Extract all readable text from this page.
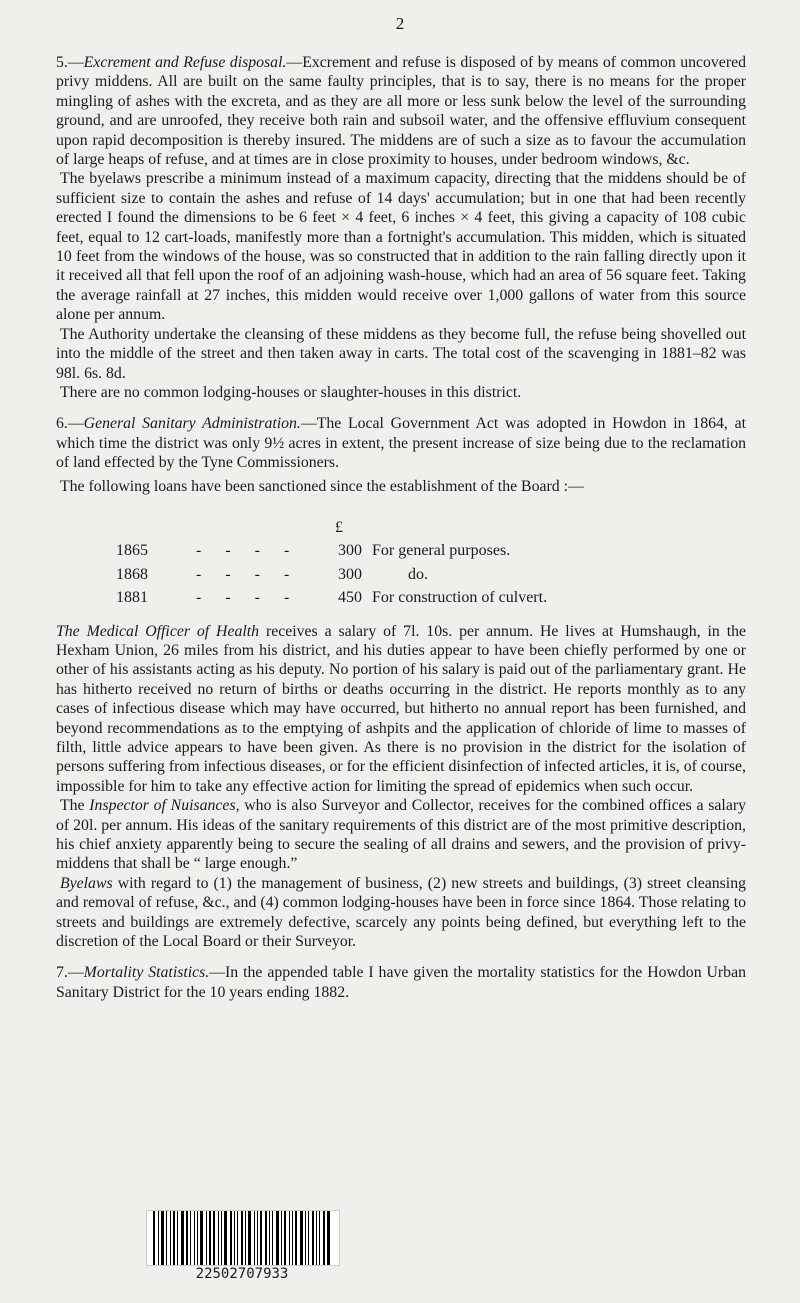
2

5.—Excrement and Refuse disposal.—Excrement and refuse is disposed of by means of common uncovered privy middens. All are built on the same faulty principles, that is to say, there is no means for the proper mingling of ashes with the excreta, and as they are all more or less sunk below the level of the surrounding ground, and are unroofed, they receive both rain and subsoil water, and the offensive effluvium consequent upon rapid decomposition is thereby insured. The middens are of such a size as to favour the accumulation of large heaps of refuse, and at times are in close proximity to houses, under bedroom windows, &c.

The byelaws prescribe a minimum instead of a maximum capacity, directing that the middens should be of sufficient size to contain the ashes and refuse of 14 days' accumulation; but in one that had been recently erected I found the dimensions to be 6 feet × 4 feet, 6 inches × 4 feet, this giving a capacity of 108 cubic feet, equal to 12 cart-loads, manifestly more than a fortnight's accumulation. This midden, which is situated 10 feet from the windows of the house, was so constructed that in addition to the rain falling directly upon it it received all that fell upon the roof of an adjoining wash-house, which had an area of 56 square feet. Taking the average rainfall at 27 inches, this midden would receive over 1,000 gallons of water from this source alone per annum.

The Authority undertake the cleansing of these middens as they become full, the refuse being shovelled out into the middle of the street and then taken away in carts. The total cost of the scavenging in 1881–82 was 98l. 6s. 8d.

There are no common lodging-houses or slaughter-houses in this district.

6.—General Sanitary Administration.—The Local Government Act was adopted in Howdon in 1864, at which time the district was only 9½ acres in extent, the present increase of size being due to the reclamation of land effected by the Tyne Commissioners.

The following loans have been sanctioned since the establishment of the Board :—

		£	
1865	- - - -	300	For general purposes.
1868	- - - -	300	do.
1881	- - - -	450	For construction of culvert.

The Medical Officer of Health receives a salary of 7l. 10s. per annum. He lives at Humshaugh, in the Hexham Union, 26 miles from his district, and his duties appear to have been chiefly performed by one or other of his assistants acting as his deputy. No portion of his salary is paid out of the parliamentary grant. He has hitherto received no return of births or deaths occurring in the district. He reports monthly as to any cases of infectious disease which may have occurred, but hitherto no annual report has been furnished, and beyond recommendations as to the emptying of ashpits and the application of chloride of lime to masses of filth, little advice appears to have been given. As there is no provision in the district for the isolation of persons suffering from infectious diseases, or for the efficient disinfection of infected articles, it is, of course, impossible for him to take any effective action for limiting the spread of epidemics when such occur.

The Inspector of Nuisances, who is also Surveyor and Collector, receives for the combined offices a salary of 20l. per annum. His ideas of the sanitary requirements of this district are of the most primitive description, his chief anxiety apparently being to secure the sealing of all drains and sewers, and the provision of privy-middens that shall be “ large enough.”

Byelaws with regard to (1) the management of business, (2) new streets and buildings, (3) street cleansing and removal of refuse, &c., and (4) common lodging-houses have been in force since 1864. Those relating to streets and buildings are extremely defective, scarcely any points being defined, but everything left to the discretion of the Local Board or their Surveyor.

7.—Mortality Statistics.—In the appended table I have given the mortality statistics for the Howdon Urban Sanitary District for the 10 years ending 1882.

22502707933
